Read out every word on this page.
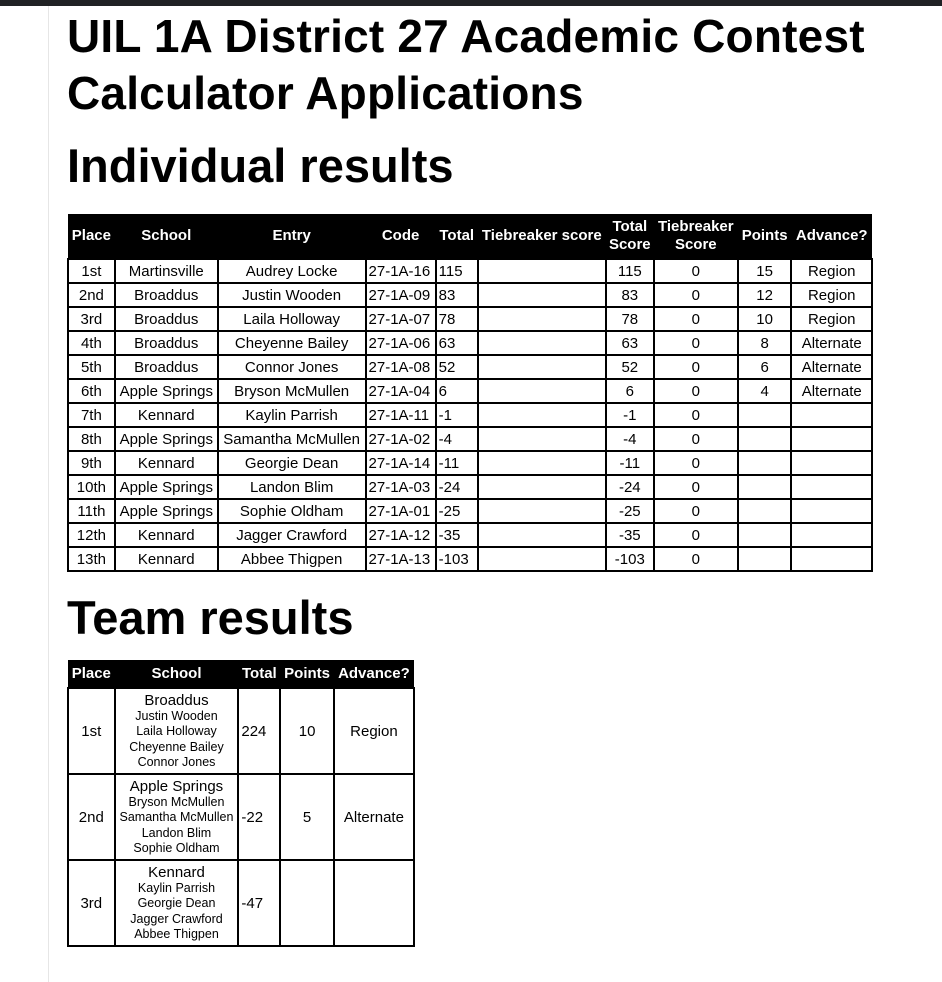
UIL 1A District 27 Academic Contest
Calculator Applications
Individual results
Place	School	Entry	Code	Total	Tiebreaker score	Total Score	Tiebreaker Score	Points	Advance?
1st	Martinsville	Audrey Locke	27-1A-16	115		115	0	15	Region
2nd	Broaddus	Justin Wooden	27-1A-09	83		83	0	12	Region
3rd	Broaddus	Laila Holloway	27-1A-07	78		78	0	10	Region
4th	Broaddus	Cheyenne Bailey	27-1A-06	63		63	0	8	Alternate
5th	Broaddus	Connor Jones	27-1A-08	52		52	0	6	Alternate
6th	Apple Springs	Bryson McMullen	27-1A-04	6		6	0	4	Alternate
7th	Kennard	Kaylin Parrish	27-1A-11	-1		-1	0		
8th	Apple Springs	Samantha McMullen	27-1A-02	-4		-4	0		
9th	Kennard	Georgie Dean	27-1A-14	-11		-11	0		
10th	Apple Springs	Landon Blim	27-1A-03	-24		-24	0		
11th	Apple Springs	Sophie Oldham	27-1A-01	-25		-25	0		
12th	Kennard	Jagger Crawford	27-1A-12	-35		-35	0		
13th	Kennard	Abbee Thigpen	27-1A-13	-103		-103	0		
Team results
Place	School	Total	Points	Advance?
1st	Broaddus
Justin Wooden
Laila Holloway
Cheyenne Bailey
Connor Jones	224	10	Region
2nd	Apple Springs
Bryson McMullen
Samantha McMullen
Landon Blim
Sophie Oldham	-22	5	Alternate
3rd	Kennard
Kaylin Parrish
Georgie Dean
Jagger Crawford
Abbee Thigpen	-47		
